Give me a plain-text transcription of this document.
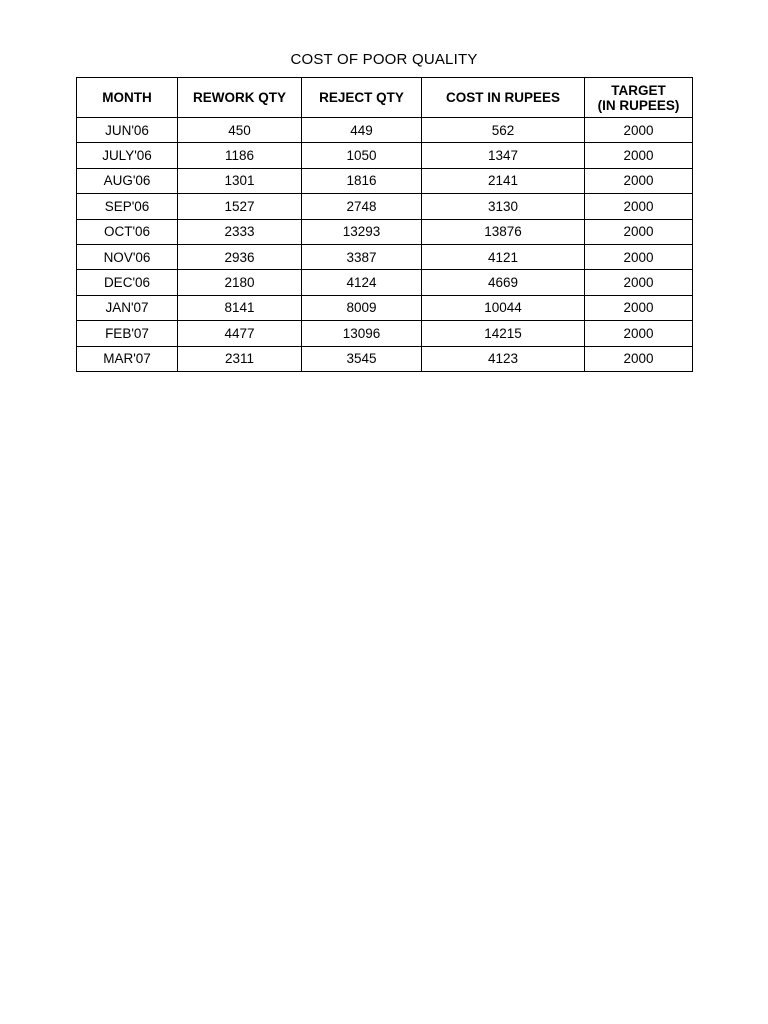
COST OF POOR QUALITY
MONTH	REWORK QTY	REJECT QTY	COST IN RUPEES	TARGET
(IN RUPEES)

JUN'06	450	449	562	2000
JULY'06	1186	1050	1347	2000
AUG'06	1301	1816	2141	2000
SEP'06	1527	2748	3130	2000
OCT'06	2333	13293	13876	2000
NOV'06	2936	3387	4121	2000
DEC'06	2180	4124	4669	2000
JAN'07	8141	8009	10044	2000
FEB'07	4477	13096	14215	2000
MAR'07	2311	3545	4123	2000
